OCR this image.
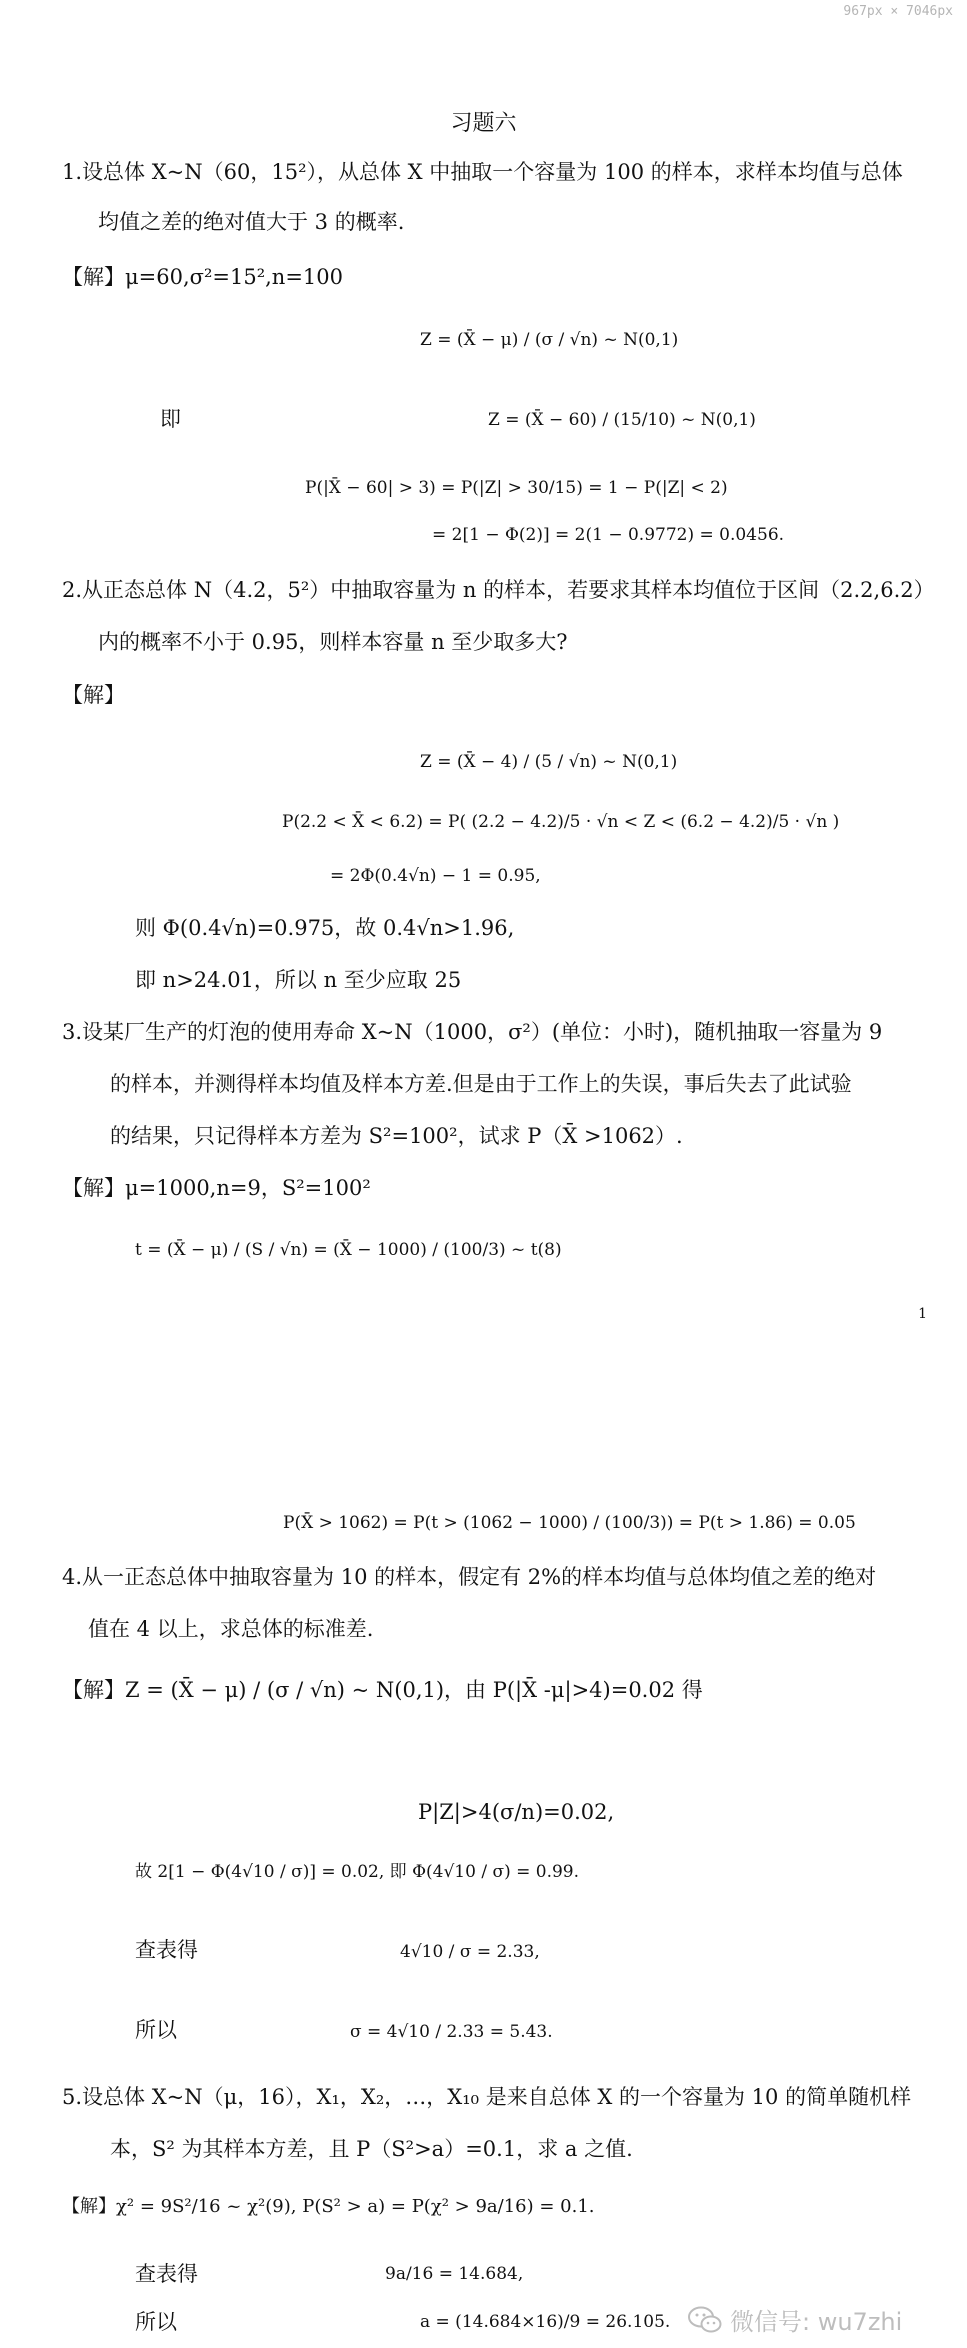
967px × 7046px
习题六
1.设总体 X~N（60，15²），从总体 X 中抽取一个容量为 100 的样本，求样本均值与总体
均值之差的绝对值大于 3 的概率.
【解】μ=60,σ²=15²,n=100
Z = (X̄ − μ) / (σ / √n) ~ N(0,1)
即	Z = (X̄ − 60) / (15/10) ~ N(0,1)
P(|X̄ − 60| > 3) = P(|Z| > 30/15) = 1 − P(|Z| < 2)
= 2[1 − Φ(2)] = 2(1 − 0.9772) = 0.0456.
2.从正态总体 N（4.2，5²）中抽取容量为 n 的样本，若要求其样本均值位于区间（2.2,6.2）
内的概率不小于 0.95，则样本容量 n 至少取多大?
【解】
Z = (X̄ − 4) / (5 / √n) ~ N(0,1)
P(2.2 < X̄ < 6.2) = P( (2.2 − 4.2)/5 · √n < Z < (6.2 − 4.2)/5 · √n )
= 2Φ(0.4√n) − 1 = 0.95,
则 Φ(0.4√n)=0.975，故 0.4√n>1.96,
即 n>24.01，所以 n 至少应取 25
3.设某厂生产的灯泡的使用寿命 X~N（1000，σ²）(单位：小时)，随机抽取一容量为 9
的样本，并测得样本均值及样本方差.但是由于工作上的失误，事后失去了此试验
的结果，只记得样本方差为 S²=100²，试求 P（X̄ >1062）.
【解】μ=1000,n=9，S²=100²
t = (X̄ − μ) / (S / √n) = (X̄ − 1000) / (100/3) ~ t(8)
1
P(X̄ > 1062) = P(t > (1062 − 1000) / (100/3)) = P(t > 1.86) = 0.05
4.从一正态总体中抽取容量为 10 的样本，假定有 2%的样本均值与总体均值之差的绝对
值在 4 以上，求总体的标准差.
【解】Z = (X̄ − μ) / (σ / √n) ~ N(0,1)，由 P(|X̄ -μ|>4)=0.02 得
P|Z|>4(σ/n)=0.02,
故 2[1 − Φ(4√10 / σ)] = 0.02, 即 Φ(4√10 / σ) = 0.99.
查表得	4√10 / σ = 2.33,
所以	σ = 4√10 / 2.33 = 5.43.
5.设总体 X~N（μ，16），X₁，X₂，…，X₁₀ 是来自总体 X 的一个容量为 10 的简单随机样
本，S² 为其样本方差，且 P（S²>a）=0.1，求 a 之值.
【解】χ² = 9S²/16 ~ χ²(9), P(S² > a) = P(χ² > 9a/16) = 0.1.
查表得	9a/16 = 14.684,
所以	a = (14.684×16)/9 = 26.105. 微信号: wu7zhi
